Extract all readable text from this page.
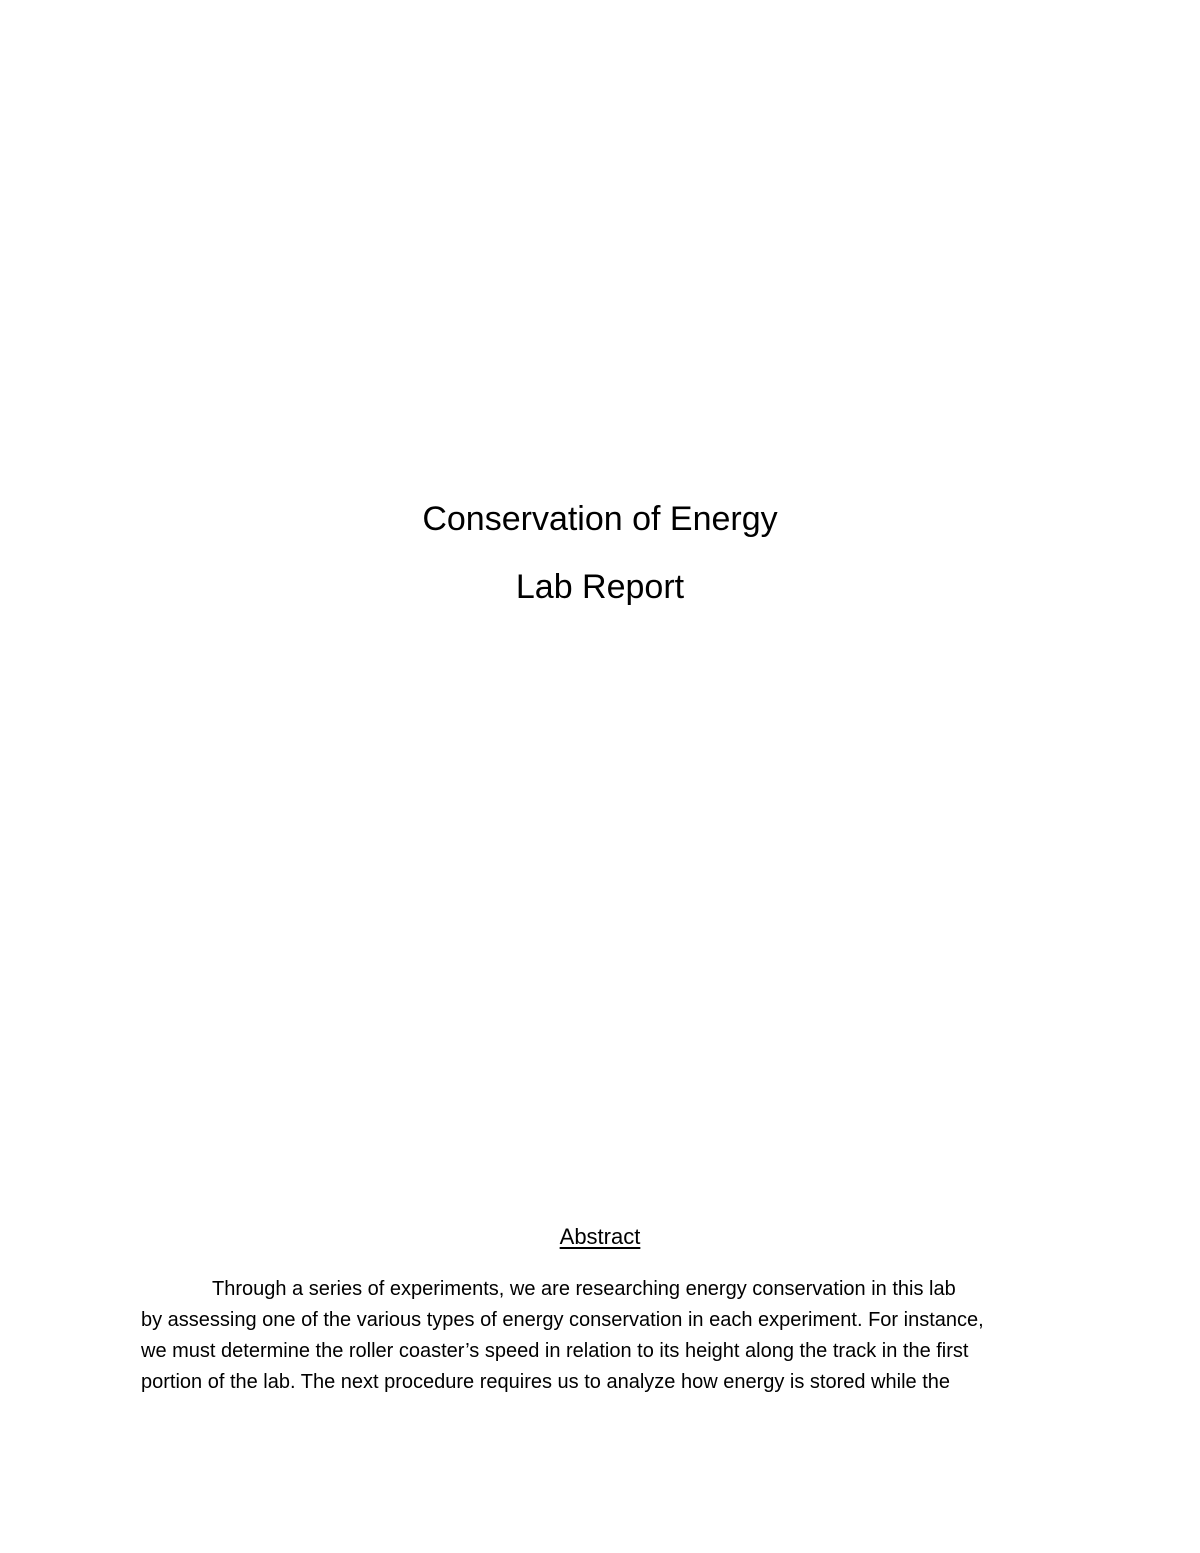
Conservation of Energy
Lab Report
Abstract

Through a series of experiments, we are researching energy conservation in this lab
by assessing one of the various types of energy conservation in each experiment. For instance,
we must determine the roller coaster’s speed in relation to its height along the track in the first
portion of the lab. The next procedure requires us to analyze how energy is stored while the
